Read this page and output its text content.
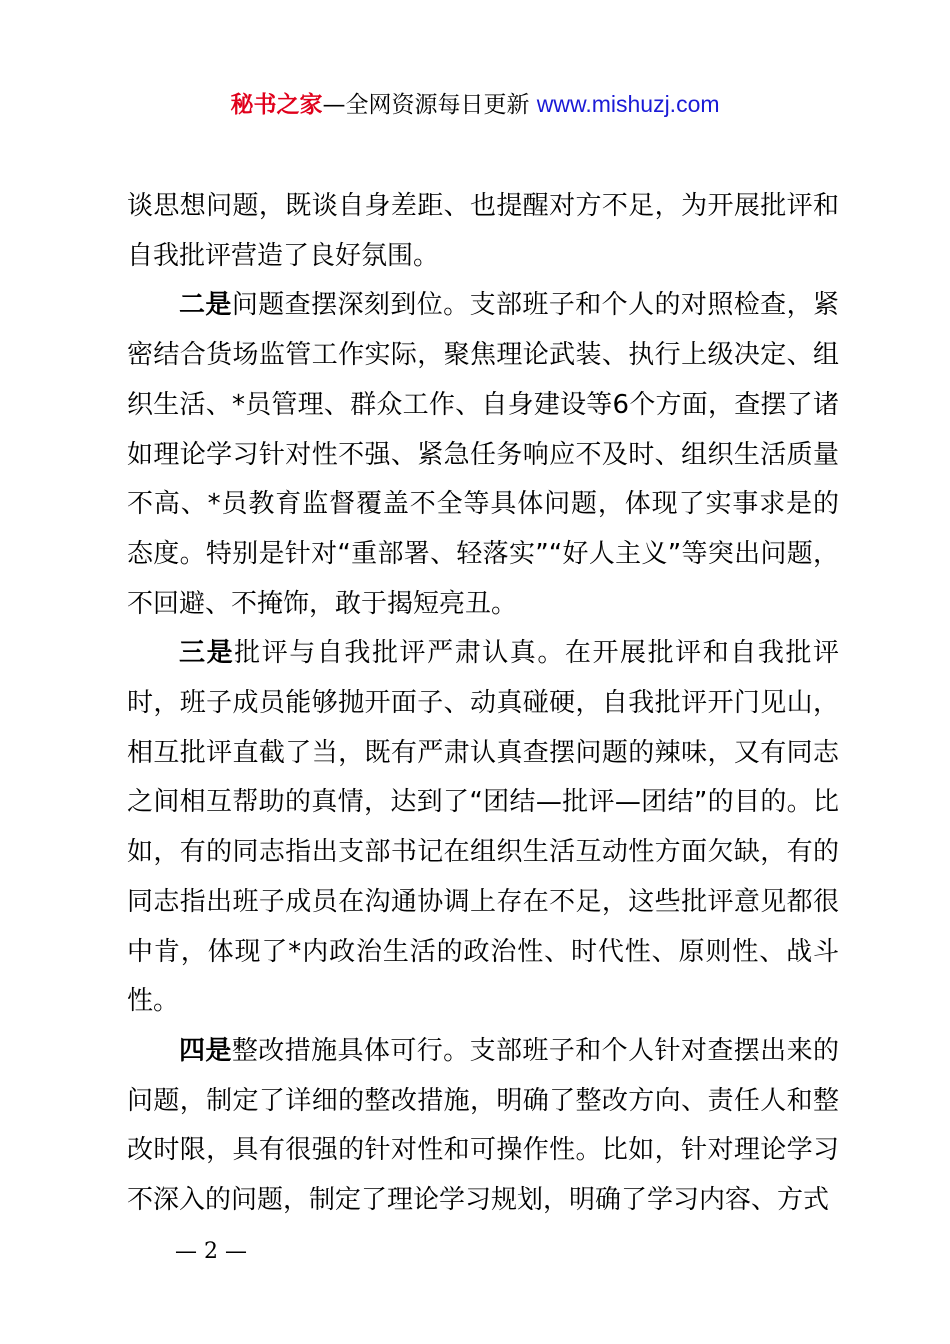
秘书之家—全网资源每日更新 www.mishuzj.com

谈思想问题，既谈自身差距、也提醒对方不足，为开展批评和自我批评营造了良好氛围。

二是问题查摆深刻到位。支部班子和个人的对照检查，紧密结合货场监管工作实际，聚焦理论武装、执行上级决定、组织生活、*员管理、群众工作、自身建设等6个方面，查摆了诸如理论学习针对性不强、紧急任务响应不及时、组织生活质量不高、*员教育监督覆盖不全等具体问题，体现了实事求是的态度。特别是针对“重部署、轻落实”“好人主义”等突出问题，不回避、不掩饰，敢于揭短亮丑。

三是批评与自我批评严肃认真。在开展批评和自我批评时，班子成员能够抛开面子、动真碰硬，自我批评开门见山，相互批评直截了当，既有严肃认真查摆问题的辣味，又有同志之间相互帮助的真情，达到了“团结—批评—团结”的目的。比如，有的同志指出支部书记在组织生活互动性方面欠缺，有的同志指出班子成员在沟通协调上存在不足，这些批评意见都很中肯，体现了*内政治生活的政治性、时代性、原则性、战斗性。

四是整改措施具体可行。支部班子和个人针对查摆出来的问题，制定了详细的整改措施，明确了整改方向、责任人和整改时限，具有很强的针对性和可操作性。比如，针对理论学习不深入的问题，制定了理论学习规划，明确了学习内容、方式

— 2 —
